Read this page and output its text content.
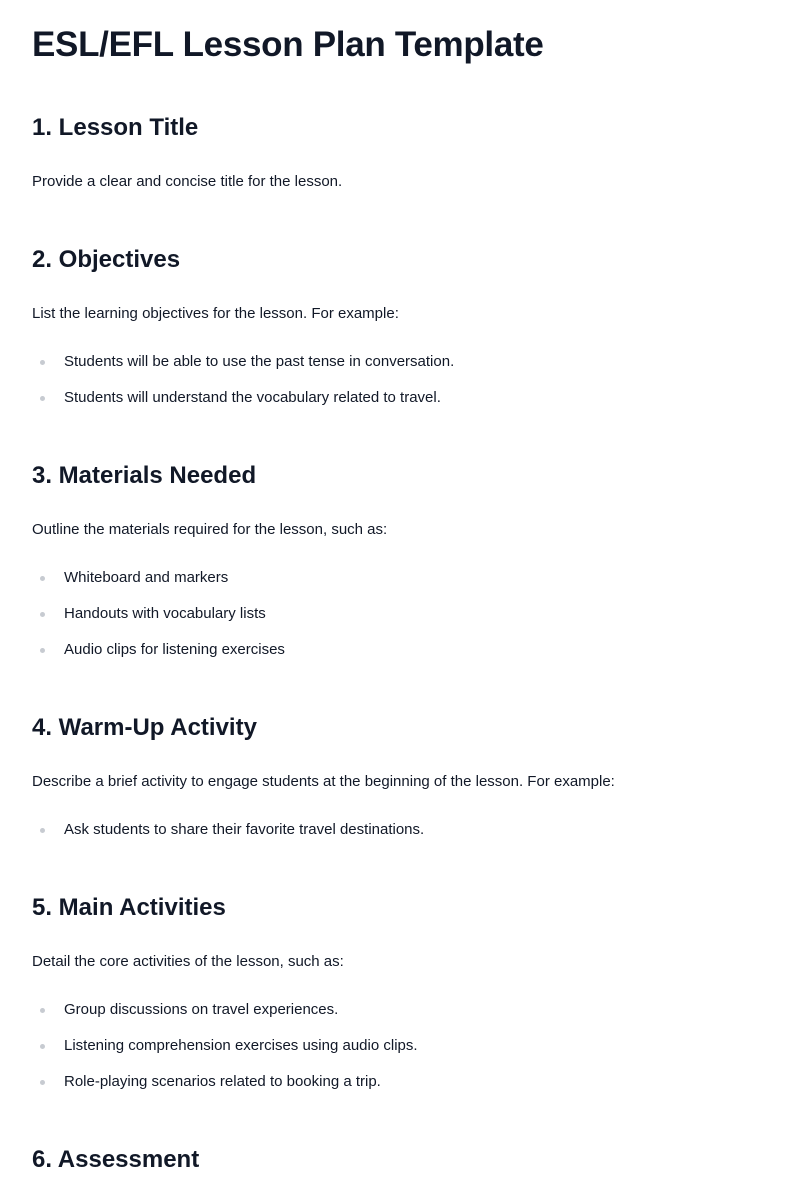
ESL/EFL Lesson Plan Template
1. Lesson Title

Provide a clear and concise title for the lesson.

2. Objectives

List the learning objectives for the lesson. For example:

Students will be able to use the past tense in conversation.
Students will understand the vocabulary related to travel.
3. Materials Needed

Outline the materials required for the lesson, such as:

Whiteboard and markers
Handouts with vocabulary lists
Audio clips for listening exercises
4. Warm-Up Activity

Describe a brief activity to engage students at the beginning of the lesson. For example:

Ask students to share their favorite travel destinations.
5. Main Activities

Detail the core activities of the lesson, such as:

Group discussions on travel experiences.
Listening comprehension exercises using audio clips.
Role-playing scenarios related to booking a trip.
6. Assessment
